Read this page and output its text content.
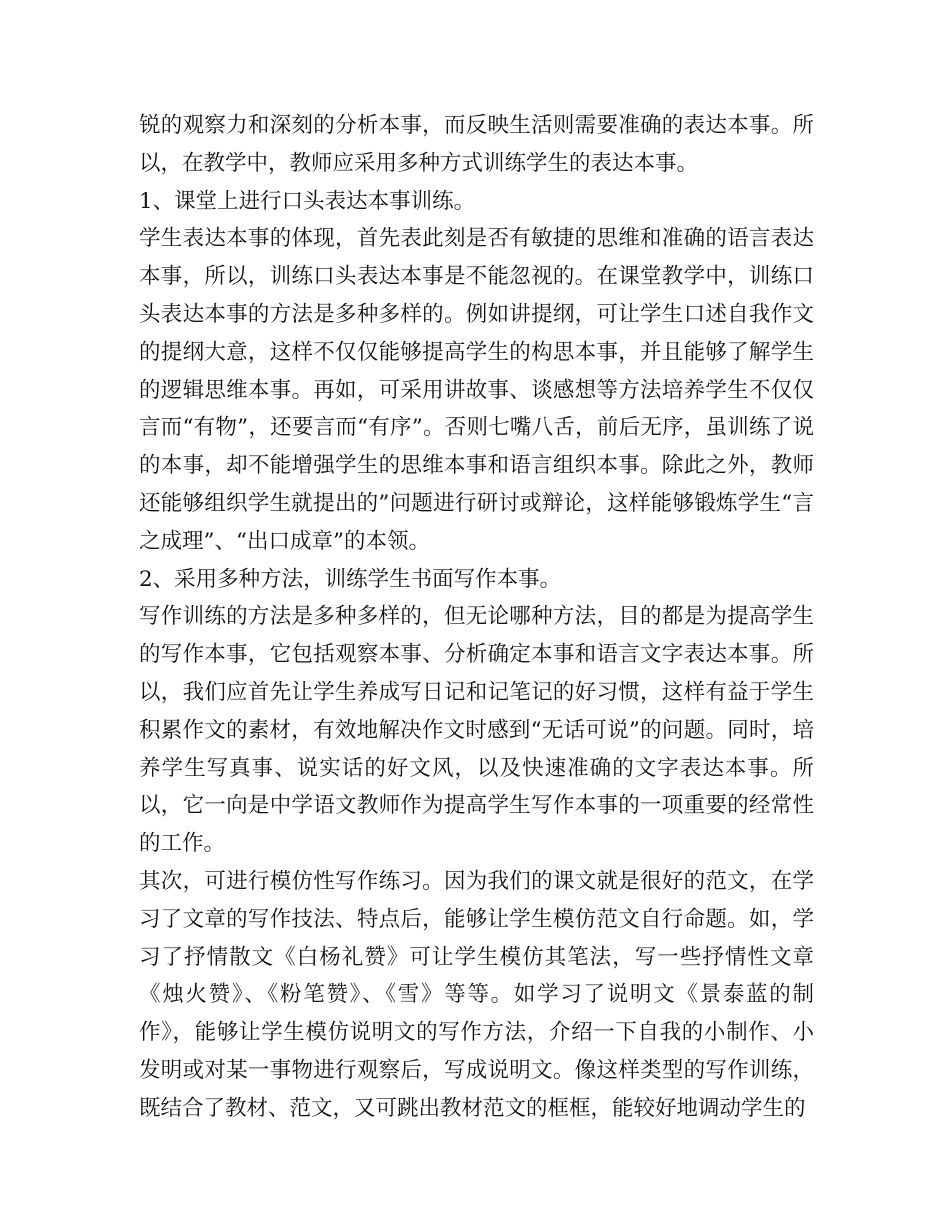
锐的观察力和深刻的分析本事，而反映生活则需要准确的表达本事。所以，在教学中，教师应采用多种方式训练学生的表达本事。

1、课堂上进行口头表达本事训练。

学生表达本事的体现，首先表此刻是否有敏捷的思维和准确的语言表达本事，所以，训练口头表达本事是不能忽视的。在课堂教学中，训练口头表达本事的方法是多种多样的。例如讲提纲，可让学生口述自我作文的提纲大意，这样不仅仅能够提高学生的构思本事，并且能够了解学生的逻辑思维本事。再如，可采用讲故事、谈感想等方法培养学生不仅仅言而“有物”，还要言而“有序”。否则七嘴八舌，前后无序，虽训练了说的本事，却不能增强学生的思维本事和语言组织本事。除此之外，教师还能够组织学生就提出的”问题进行研讨或辩论，这样能够锻炼学生“言之成理”、“出口成章”的本领。

2、采用多种方法，训练学生书面写作本事。

写作训练的方法是多种多样的，但无论哪种方法，目的都是为提高学生的写作本事，它包括观察本事、分析确定本事和语言文字表达本事。所以，我们应首先让学生养成写日记和记笔记的好习惯，这样有益于学生积累作文的素材，有效地解决作文时感到“无话可说”的问题。同时，培养学生写真事、说实话的好文风，以及快速准确的文字表达本事。所以，它一向是中学语文教师作为提高学生写作本事的一项重要的经常性的工作。

其次，可进行模仿性写作练习。因为我们的课文就是很好的范文，在学习了文章的写作技法、特点后，能够让学生模仿范文自行命题。如，学习了抒情散文《白杨礼赞》可让学生模仿其笔法，写一些抒情性文章《烛火赞》、《粉笔赞》、《雪》等等。如学习了说明文《景泰蓝的制作》，能够让学生模仿说明文的写作方法，介绍一下自我的小制作、小发明或对某一事物进行观察后，写成说明文。像这样类型的写作训练，既结合了教材、范文，又可跳出教材范文的框框，能较好地调动学生的
